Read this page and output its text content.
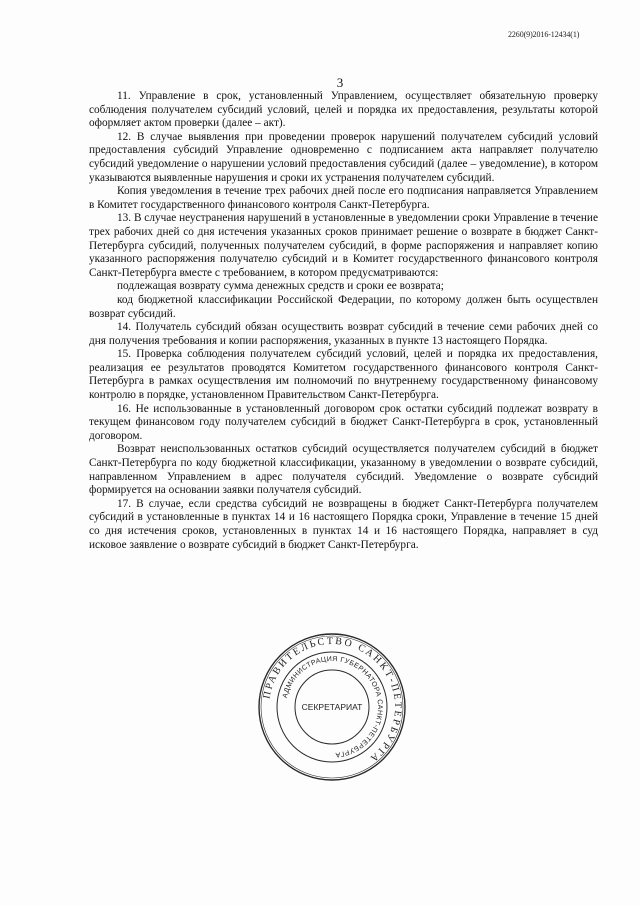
2260(9)2016-12434(1)
3

11. Управление в срок, установленный Управлением, осуществляет обязательную проверку соблюдения получателем субсидий условий, целей и порядка их предоставления, результаты которой оформляет актом проверки (далее – акт).

12. В случае выявления при проведении проверок нарушений получателем субсидий условий предоставления субсидий Управление одновременно с подписанием акта направляет получателю субсидий уведомление о нарушении условий предоставления субсидий (далее – уведомление), в котором указываются выявленные нарушения и сроки их устранения получателем субсидий.

Копия уведомления в течение трех рабочих дней после его подписания направляется Управлением в Комитет государственного финансового контроля Санкт-Петербурга.

13. В случае неустранения нарушений в установленные в уведомлении сроки Управление в течение трех рабочих дней со дня истечения указанных сроков принимает решение о возврате в бюджет Санкт-Петербурга субсидий, полученных получателем субсидий, в форме распоряжения и направляет копию указанного распоряжения получателю субсидий и в Комитет государственного финансового контроля Санкт-Петербурга вместе с требованием, в котором предусматриваются:

подлежащая возврату сумма денежных средств и сроки ее возврата;

код бюджетной классификации Российской Федерации, по которому должен быть осуществлен возврат субсидий.

14. Получатель субсидий обязан осуществить возврат субсидий в течение семи рабочих дней со дня получения требования и копии распоряжения, указанных в пункте 13 настоящего Порядка.

15. Проверка соблюдения получателем субсидий условий, целей и порядка их предоставления, реализация ее результатов проводятся Комитетом государственного финансового контроля Санкт-Петербурга в рамках осуществления им полномочий по внутреннему государственному финансовому контролю в порядке, установленном Правительством Санкт-Петербурга.

16. Не использованные в установленный договором срок остатки субсидий подлежат возврату в текущем финансовом году получателем субсидий в бюджет Санкт-Петербурга в срок, установленный договором.

Возврат неиспользованных остатков субсидий осуществляется получателем субсидий в бюджет Санкт-Петербурга по коду бюджетной классификации, указанному в уведомлении о возврате субсидий, направленном Управлением в адрес получателя субсидий. Уведомление о возврате субсидий формируется на основании заявки получателя субсидий.

17. В случае, если средства субсидий не возвращены в бюджет Санкт-Петербурга получателем субсидий в установленные в пунктах 14 и 16 настоящего Порядка сроки, Управление в течение 15 дней со дня истечения сроков, установленных в пунктах 14 и 16 настоящего Порядка, направляет в суд исковое заявление о возврате субсидий в бюджет Санкт-Петербурга.

ПРАВИТЕЛЬСТВО САНКТ-ПЕТЕРБУРГА
АДМИНИСТРАЦИЯ ГУБЕРНАТОРА САНКТ-ПЕТЕРБУРГА
СЕКРЕТАРИАТ
